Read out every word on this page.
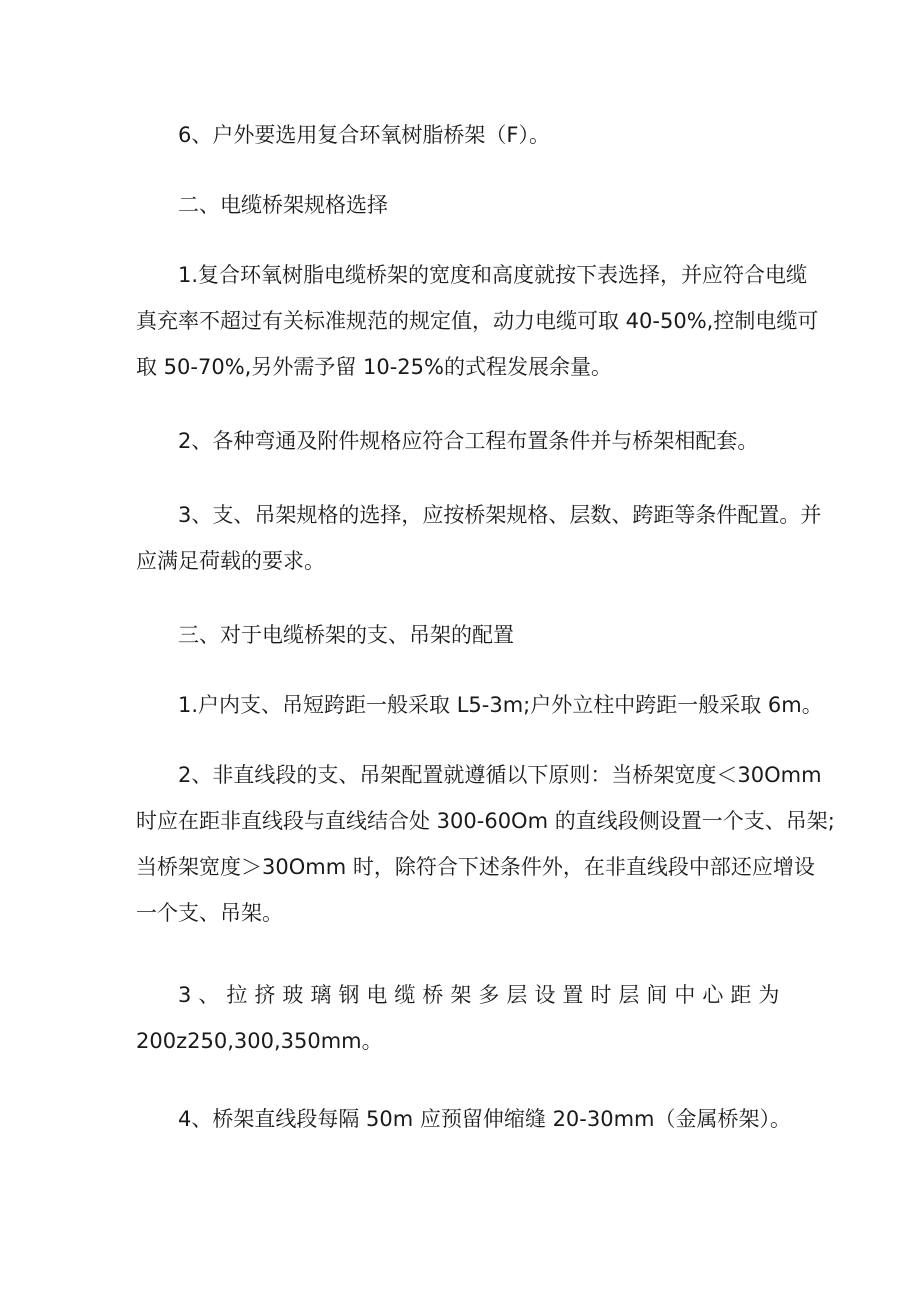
6、户外要选用复合环氧树脂桥架（F）。

二、电缆桥架规格选择

1.复合环氧树脂电缆桥架的宽度和高度就按下表选择，并应符合电缆
真充率不超过有关标准规范的规定值，动力电缆可取 40-50%,控制电缆可
取 50-70%,另外需予留 10-25%的式程发展余量。

2、各种弯通及附件规格应符合工程布置条件并与桥架相配套。

3、支、吊架规格的选择，应按桥架规格、层数、跨距等条件配置。并
应满足荷载的要求。

三、对于电缆桥架的支、吊架的配置

1.户内支、吊短跨距一般采取 L5-3m;户外立柱中跨距一般采取 6m。

2、非直线段的支、吊架配置就遵循以下原则：当桥架宽度＜30Omm
时应在距非直线段与直线结合处 300-60Om 的直线段侧设置一个支、吊架;
当桥架宽度＞30Omm 时，除符合下述条件外，在非直线段中部还应增设
一个支、吊架。

3、拉挤玻璃钢电缆桥架多层设置时层间中心距为
200z250,300,350mm。

4、桥架直线段每隔 50m 应预留伸缩缝 20-30mm（金属桥架）。
